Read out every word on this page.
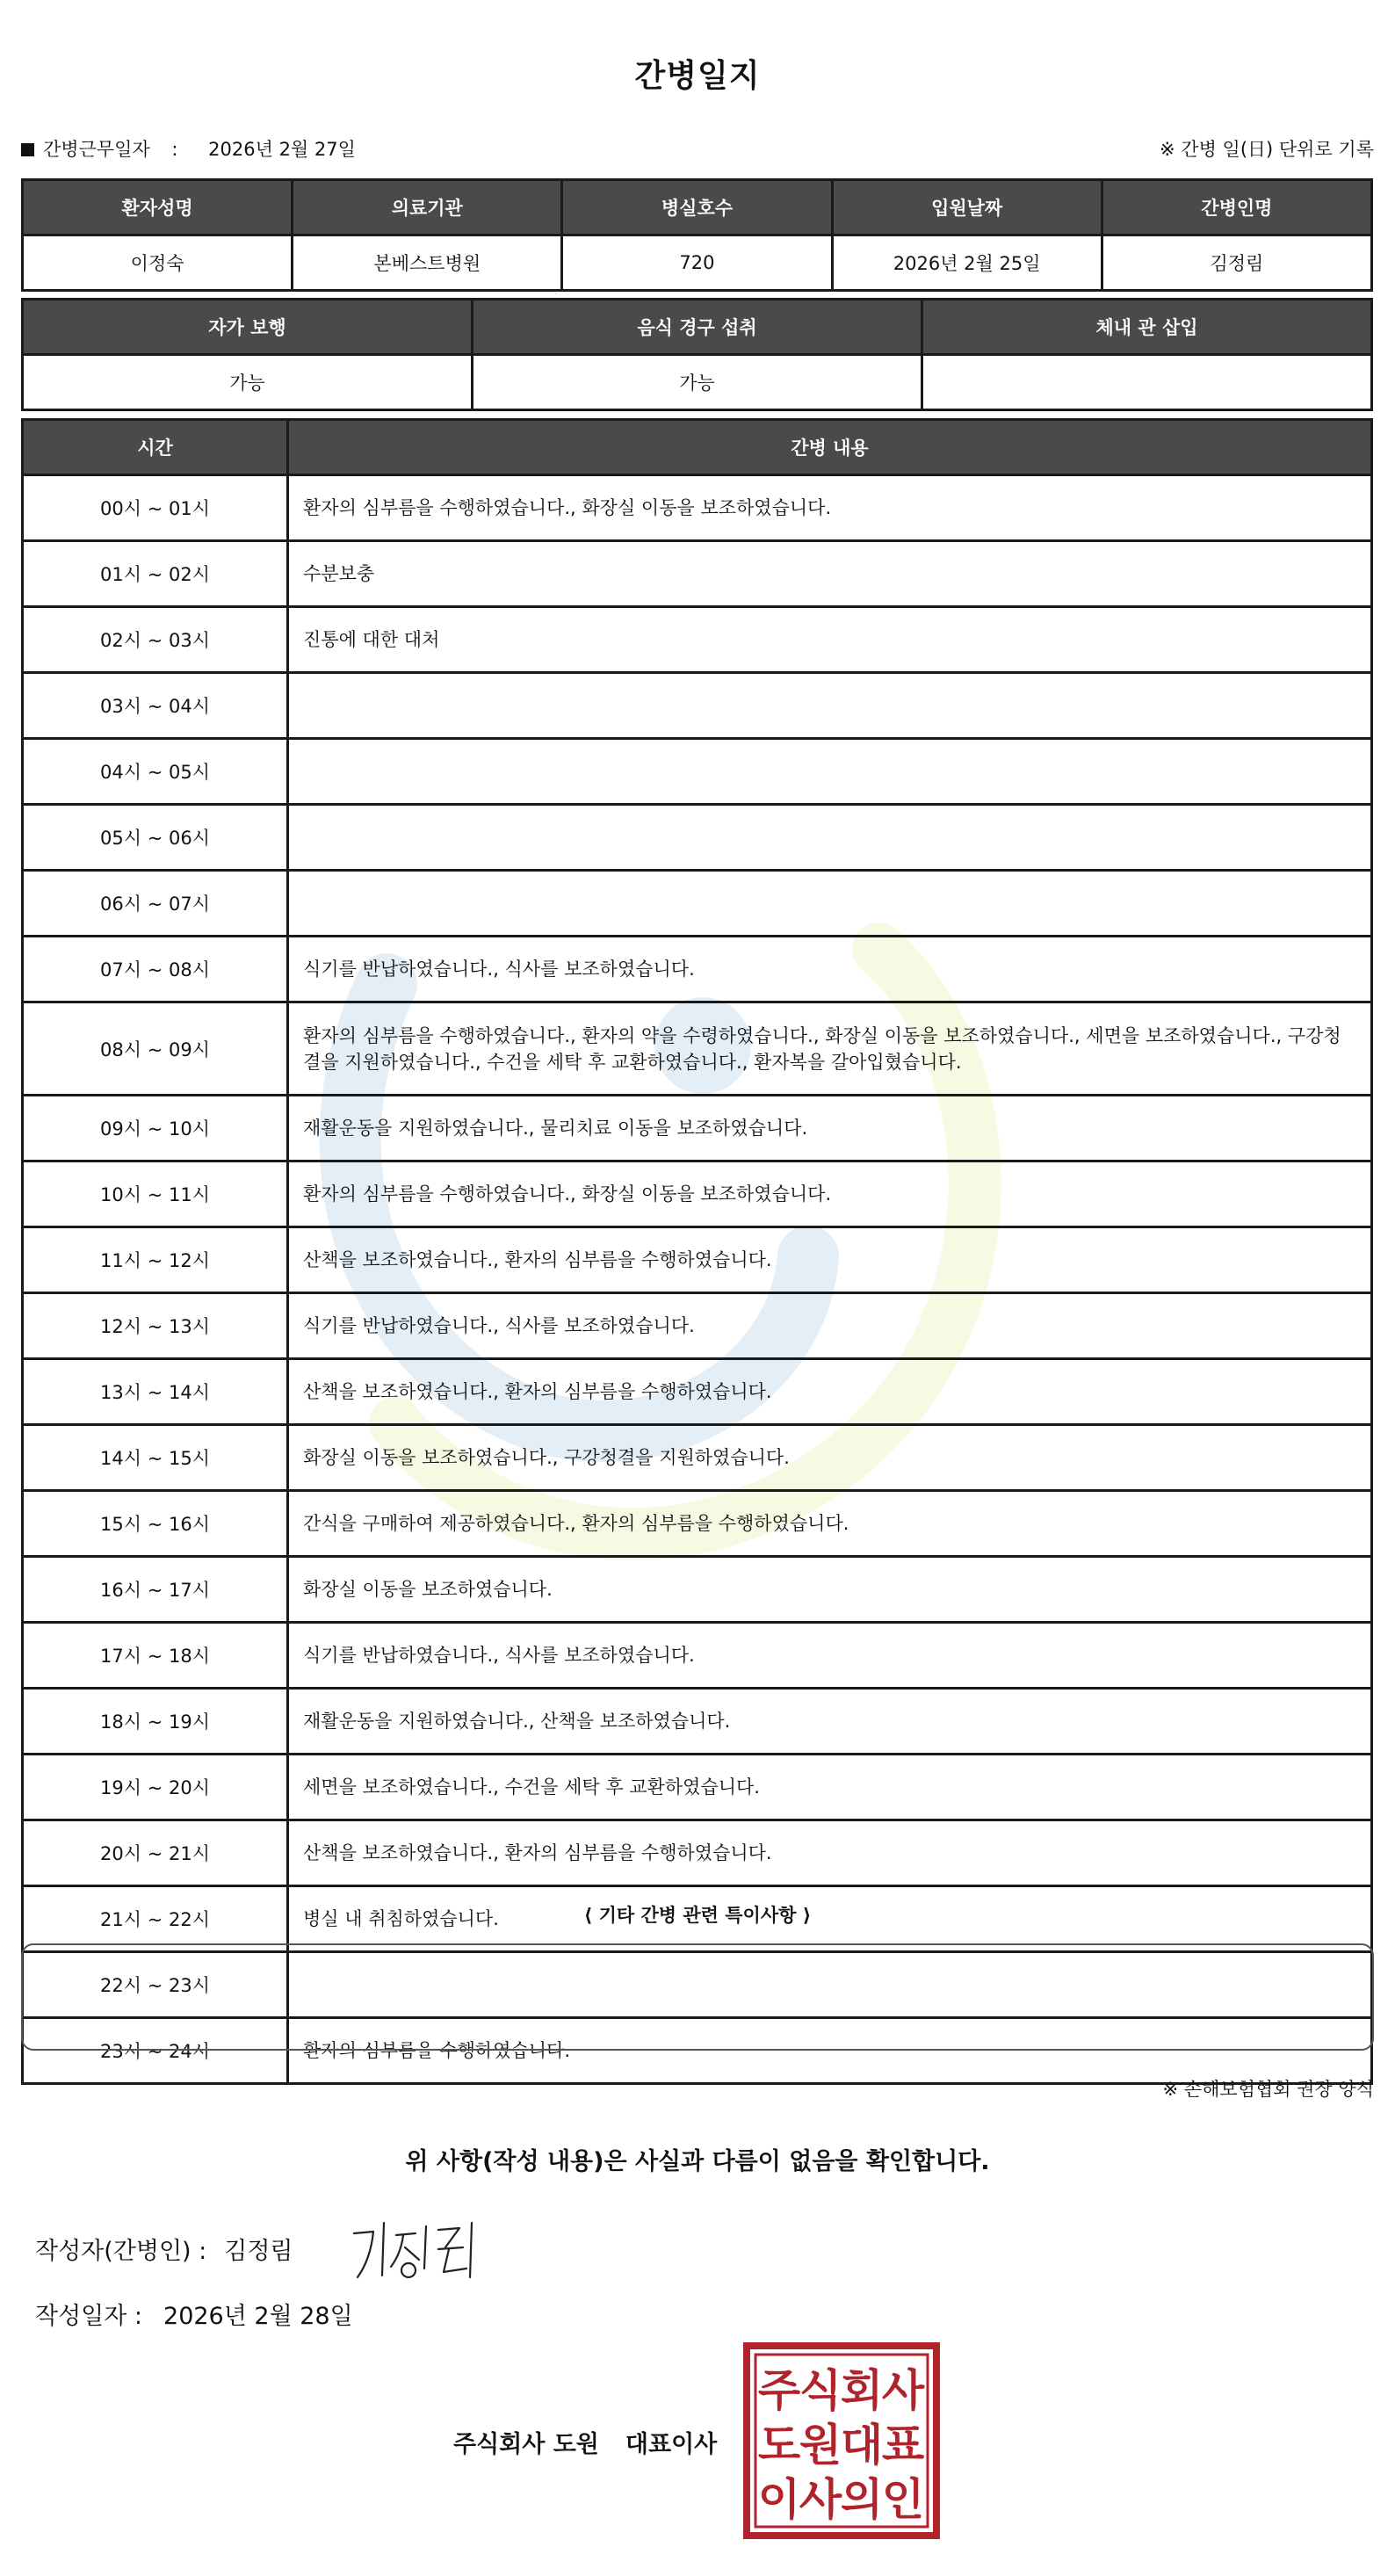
간병일지
간병근무일자 : 2026년 2월 27일	※ 간병 일(日) 단위로 기록
환자성명	의료기관	병실호수	입원날짜	간병인명
이정숙	본베스트병원	720	2026년 2월 25일	김정림
자가 보행	음식 경구 섭취	체내 관 삽입
가능	가능	
시간	간병 내용
00시 ~ 01시	환자의 심부름을 수행하였습니다., 화장실 이동을 보조하였습니다.
01시 ~ 02시	수분보충
02시 ~ 03시	진통에 대한 대처
03시 ~ 04시	
04시 ~ 05시	
05시 ~ 06시	
06시 ~ 07시	
07시 ~ 08시	식기를 반납하였습니다., 식사를 보조하였습니다.
08시 ~ 09시	환자의 심부름을 수행하였습니다., 환자의 약을 수령하였습니다., 화장실 이동을 보조하였습니다., 세면을 보조하였습니다., 구강청결을 지원하였습니다., 수건을 세탁 후 교환하였습니다., 환자복을 갈아입혔습니다.
09시 ~ 10시	재활운동을 지원하였습니다., 물리치료 이동을 보조하였습니다.
10시 ~ 11시	환자의 심부름을 수행하였습니다., 화장실 이동을 보조하였습니다.
11시 ~ 12시	산책을 보조하였습니다., 환자의 심부름을 수행하였습니다.
12시 ~ 13시	식기를 반납하였습니다., 식사를 보조하였습니다.
13시 ~ 14시	산책을 보조하였습니다., 환자의 심부름을 수행하였습니다.
14시 ~ 15시	화장실 이동을 보조하였습니다., 구강청결을 지원하였습니다.
15시 ~ 16시	간식을 구매하여 제공하였습니다., 환자의 심부름을 수행하였습니다.
16시 ~ 17시	화장실 이동을 보조하였습니다.
17시 ~ 18시	식기를 반납하였습니다., 식사를 보조하였습니다.
18시 ~ 19시	재활운동을 지원하였습니다., 산책을 보조하였습니다.
19시 ~ 20시	세면을 보조하였습니다., 수건을 세탁 후 교환하였습니다.
20시 ~ 21시	산책을 보조하였습니다., 환자의 심부름을 수행하였습니다.
21시 ~ 22시	병실 내 취침하였습니다.
22시 ~ 23시	
23시 ~ 24시	환자의 심부름을 수행하였습니다.
⟨ 기타 간병 관련 특이사항 ⟩
※ 손해보험협회 권장 양식
위 사항(작성 내용)은 사실과 다름이 없음을 확인합니다.
작성자(간병인) : 김정림
작성일자 : 2026년 2월 28일
주식회사 도원 대표이사
주
식
회
사
도
원
대
표
이
사
의
인
